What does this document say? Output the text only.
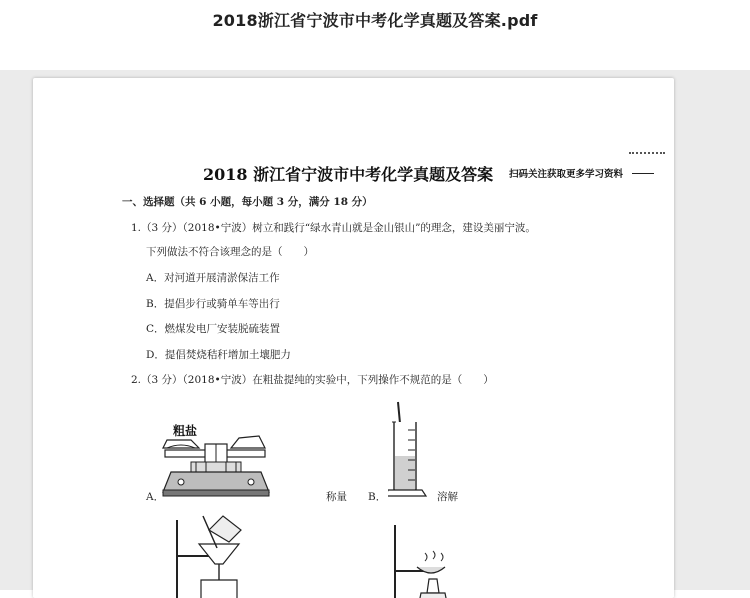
2018浙江省宁波市中考化学真题及答案.pdf
2018 浙江省宁波市中考化学真题及答案 扫码关注获取更多学习资料
一、选择题（共 6 小题，每小题 3 分，满分 18 分）
1.（3 分）（2018•宁波）树立和践行“绿水青山就是金山银山”的理念，建设美丽宁波。
下列做法不符合该理念的是（　　）
A．对河道开展清淤保洁工作
B．提倡步行或骑单车等出行
C．燃煤发电厂安装脱硫装置
D．提倡焚烧秸秆增加土壤肥力
2.（3 分）（2018•宁波）在粗盐提纯的实验中，下列操作不规范的是（　　）
粗盐
A．	称量 B．	溶解
